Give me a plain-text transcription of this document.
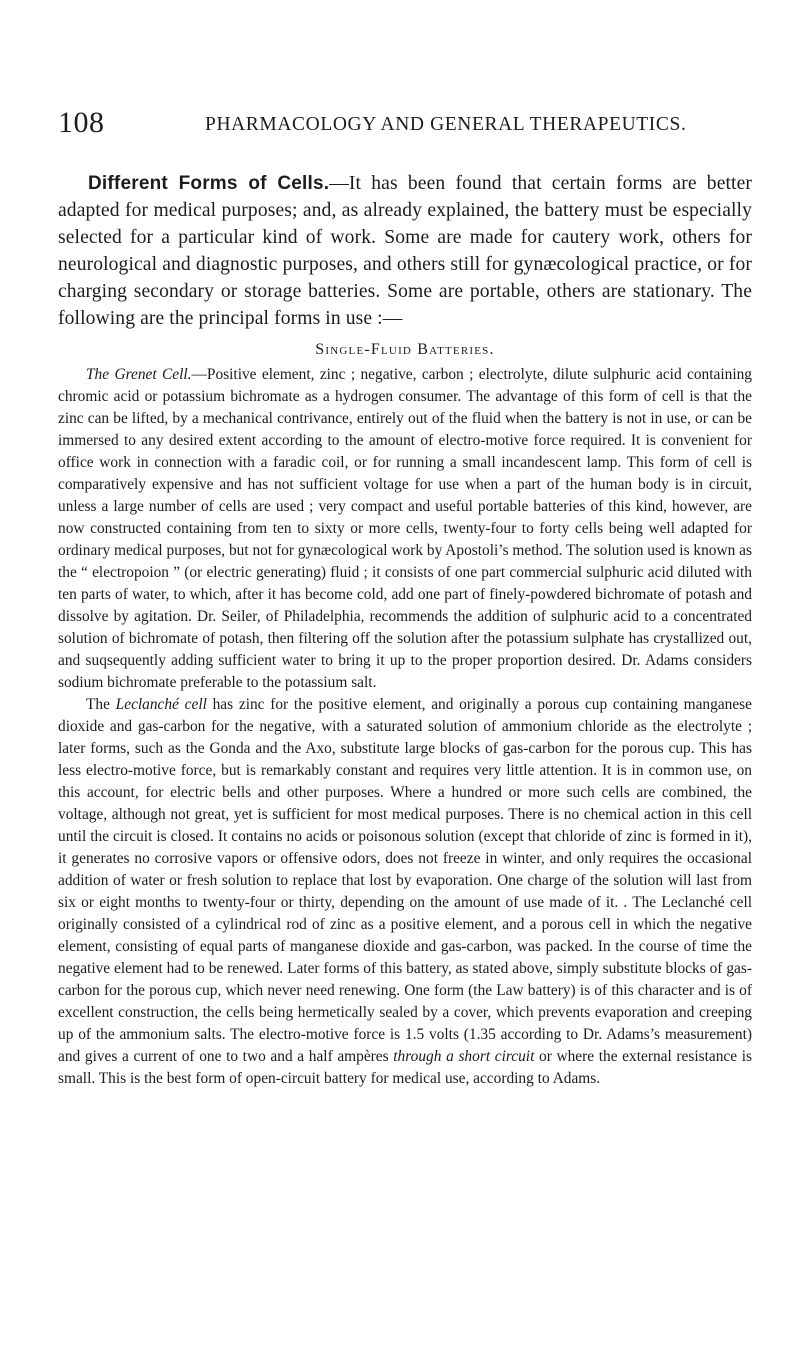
108	PHARMACOLOGY AND GENERAL THERAPEUTICS.

Different Forms of Cells.—It has been found that certain forms are better adapted for medical purposes; and, as already explained, the battery must be especially selected for a particular kind of work. Some are made for cautery work, others for neurological and diagnostic purposes, and others still for gynæcological practice, or for charging secondary or storage batteries. Some are portable, others are stationary. The following are the principal forms in use :—

Single-Fluid Batteries.

The Grenet Cell.—Positive element, zinc ; negative, carbon ; electrolyte, dilute sulphuric acid containing chromic acid or potassium bichromate as a hydrogen consumer. The advantage of this form of cell is that the zinc can be lifted, by a mechanical contrivance, entirely out of the fluid when the battery is not in use, or can be immersed to any desired extent according to the amount of electro-motive force required. It is convenient for office work in connection with a faradic coil, or for running a small incandescent lamp. This form of cell is comparatively expensive and has not sufficient voltage for use when a part of the human body is in circuit, unless a large number of cells are used ; very compact and useful portable batteries of this kind, however, are now constructed containing from ten to sixty or more cells, twenty-four to forty cells being well adapted for ordinary medical purposes, but not for gynæcological work by Apostoli’s method. The solution used is known as the “ electropoion ” (or electric generating) fluid ; it consists of one part commercial sulphuric acid diluted with ten parts of water, to which, after it has become cold, add one part of finely-powdered bichromate of potash and dissolve by agitation. Dr. Seiler, of Philadelphia, recommends the addition of sulphuric acid to a concentrated solution of bichromate of potash, then filtering off the solution after the potassium sulphate has crystallized out, and suqsequently adding sufficient water to bring it up to the proper proportion desired. Dr. Adams considers sodium bichromate preferable to the potassium salt.

The Leclanché cell has zinc for the positive element, and originally a porous cup containing manganese dioxide and gas-carbon for the negative, with a saturated solution of ammonium chloride as the electrolyte ; later forms, such as the Gonda and the Axo, substitute large blocks of gas-carbon for the porous cup. This has less electro-motive force, but is remarkably constant and requires very little attention. It is in common use, on this account, for electric bells and other purposes. Where a hundred or more such cells are combined, the voltage, although not great, yet is sufficient for most medical purposes. There is no chemical action in this cell until the circuit is closed. It contains no acids or poisonous solution (except that chloride of zinc is formed in it), it generates no corrosive vapors or offensive odors, does not freeze in winter, and only requires the occasional addition of water or fresh solution to replace that lost by evaporation. One charge of the solution will last from six or eight months to twenty-four or thirty, depending on the amount of use made of it. . The Leclanché cell originally consisted of a cylindrical rod of zinc as a positive element, and a porous cell in which the negative element, consisting of equal parts of manganese dioxide and gas-carbon, was packed. In the course of time the negative element had to be renewed. Later forms of this battery, as stated above, simply substitute blocks of gas-carbon for the porous cup, which never need renewing. One form (the Law battery) is of this character and is of excellent construction, the cells being hermetically sealed by a cover, which prevents evaporation and creeping up of the ammonium salts. The electro-motive force is 1.5 volts (1.35 according to Dr. Adams’s measurement) and gives a current of one to two and a half ampères through a short circuit or where the external resistance is small. This is the best form of open-circuit battery for medical use, according to Adams.
